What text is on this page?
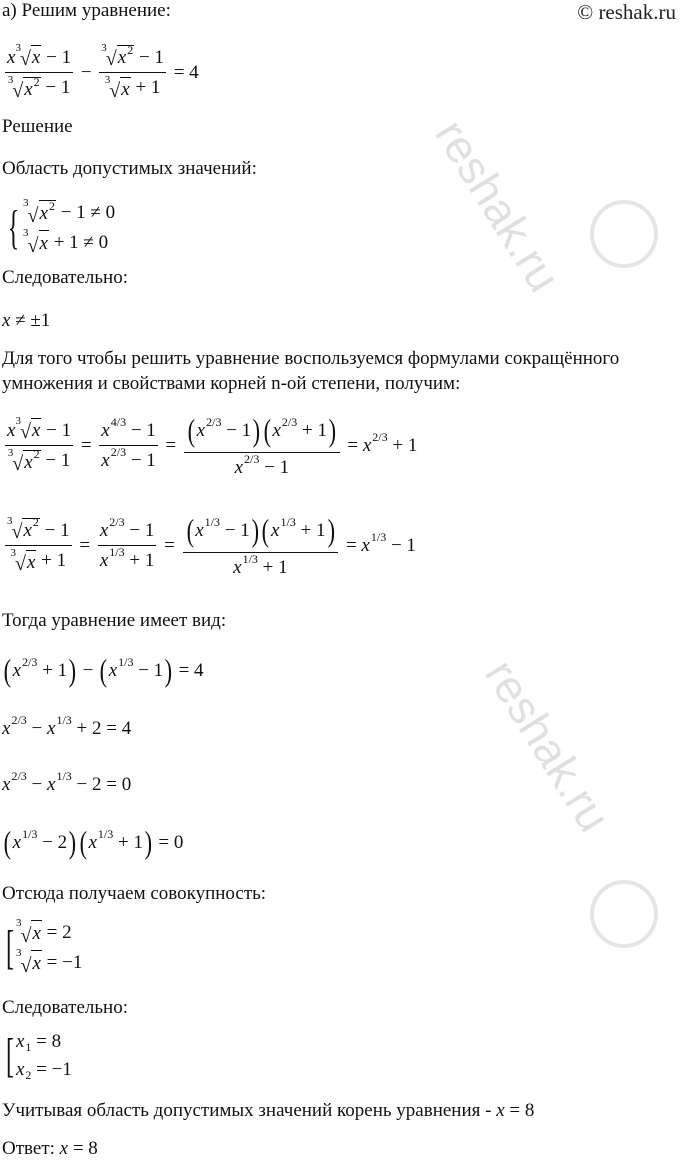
а) Решим уравнение:	© reshak.ru
$\frac{x 3 √ x - 1}{3 √ x 2 - 1} - \frac{3 √ x 2 - 1}{3 √ x + 1} = 4$
Решение
Область допустимых значений:
{ 3
√ x 2 − 1 ≠ 0
3
√ x + 1 ≠ 0
Следовательно:
x ≠ ±1
Для того чтобы решить уравнение воспользуемся формулами сокращённого
умножения и свойствами корней n-ой степени, получим:
$\frac{x 3 √ x - 1}{3 √ x 2 - 1} = \frac{x 4/3 - 1}{x 2/3 - 1}$ = ( x 2/3 − 1
) ( x 2/3 + 1
)
x 2/3 − 1 = x 2/3 + 1
$\frac{3 √ x 2 - 1}{3 √ x + 1} = \frac{x 2/3 - 1}{x 1/3 + 1}$ = ( x 1/3 − 1
) ( x 1/3 + 1
)
x 1/3 + 1 = x 1/3 − 1
Тогда уравнение имеет вид:
( x 2/3 + 1
) − ( x 1/3 − 1
) = 4
x 2/3 − x 1/3 + 2 = 4
x 2/3 − x 1/3 − 2 = 0
( x 1/3 − 2
) ( x 1/3 + 1
) = 0
Отсюда получаем совокупность:
[ 3
√ x = 2
3
√ x = −1
Следовательно:
[ x 1 = 8
x 2 = −1
Учитывая область допустимых значений корень уравнения - x = 8
Ответ: x = 8
reshak.ru
reshak.ru
